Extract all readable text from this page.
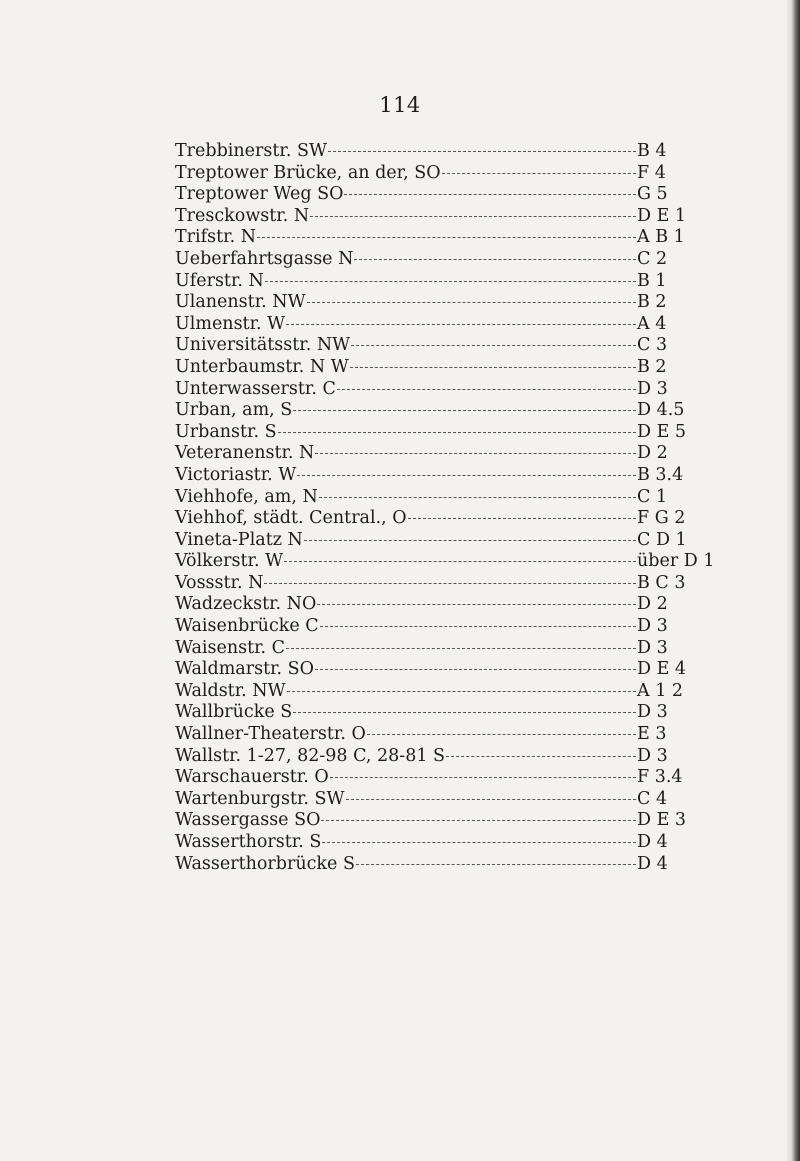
114
Trebbinerstr. SW	B 4
Treptower Brücke, an der, SO	F 4
Treptower Weg SO	G 5
Tresckowstr. N	D E 1
Trifstr. N	A B 1
Ueberfahrtsgasse N	C 2
Uferstr. N	B 1
Ulanenstr. NW	B 2
Ulmenstr. W	A 4
Universitätsstr. NW	C 3
Unterbaumstr. N W	B 2
Unterwasserstr. C	D 3
Urban, am, S	D 4.5
Urbanstr. S	D E 5
Veteranenstr. N	D 2
Victoriastr. W	B 3.4
Viehhofe, am, N	C 1
Viehhof, städt. Central., O	F G 2
Vineta-Platz N	C D 1
Völkerstr. W	über D 1
Vossstr. N	B C 3
Wadzeckstr. NO	D 2
Waisenbrücke C	D 3
Waisenstr. C	D 3
Waldmarstr. SO	D E 4
Waldstr. NW	A 1 2
Wallbrücke S	D 3
Wallner-Theaterstr. O	E 3
Wallstr. 1-27, 82-98 C, 28-81 S	D 3
Warschauerstr. O	F 3.4
Wartenburgstr. SW	C 4
Wassergasse SO	D E 3
Wasserthorstr. S	D 4
Wasserthorbrücke S	D 4
